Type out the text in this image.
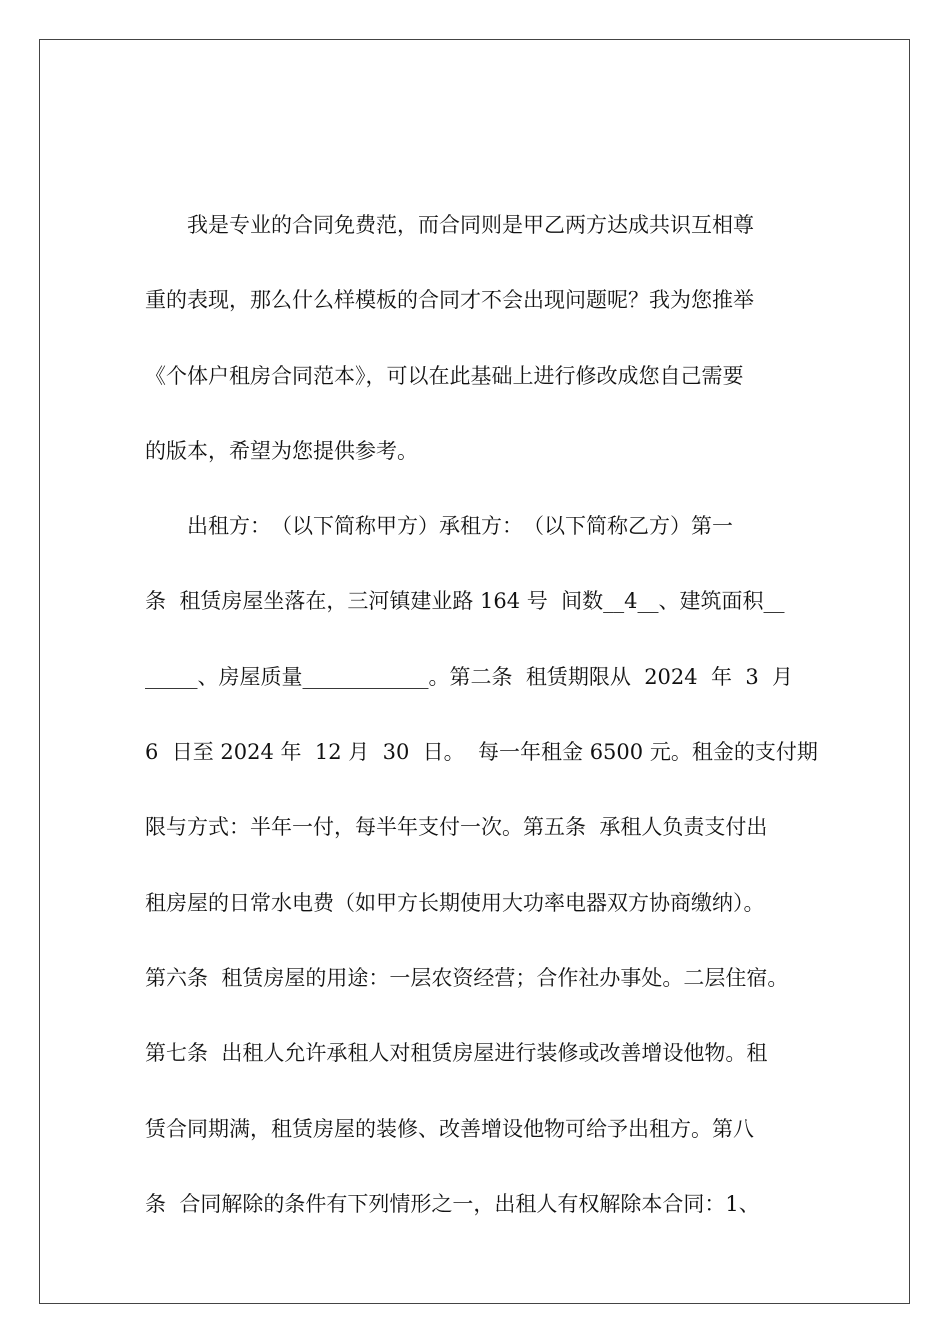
　　我是专业的合同免费范，而合同则是甲乙两方达成共识互相尊
重的表现，那么什么样模板的合同才不会出现问题呢？我为您推举
《个体户租房合同范本》，可以在此基础上进行修改成您自己需要
的版本，希望为您提供参考。
　　出租方：　（以下简称甲方）承租方：　（以下简称乙方）第一
条  租赁房屋坐落在，三河镇建业路 164 号  间数__4__、建筑面积__
_____、房屋质量____________。第二条  租赁期限从  2024  年  3  月
6  日至 2024 年  12 月  30  日。  每一年租金 6500 元。租金的支付期
限与方式：半年一付，每半年支付一次。第五条  承租人负责支付出
租房屋的日常水电费（如甲方长期使用大功率电器双方协商缴纳）。
第六条  租赁房屋的用途：一层农资经营；合作社办事处。二层住宿。
第七条  出租人允许承租人对租赁房屋进行装修或改善增设他物。租
赁合同期满，租赁房屋的装修、改善增设他物可给予出租方。第八
条  合同解除的条件有下列情形之一，出租人有权解除本合同：1、
